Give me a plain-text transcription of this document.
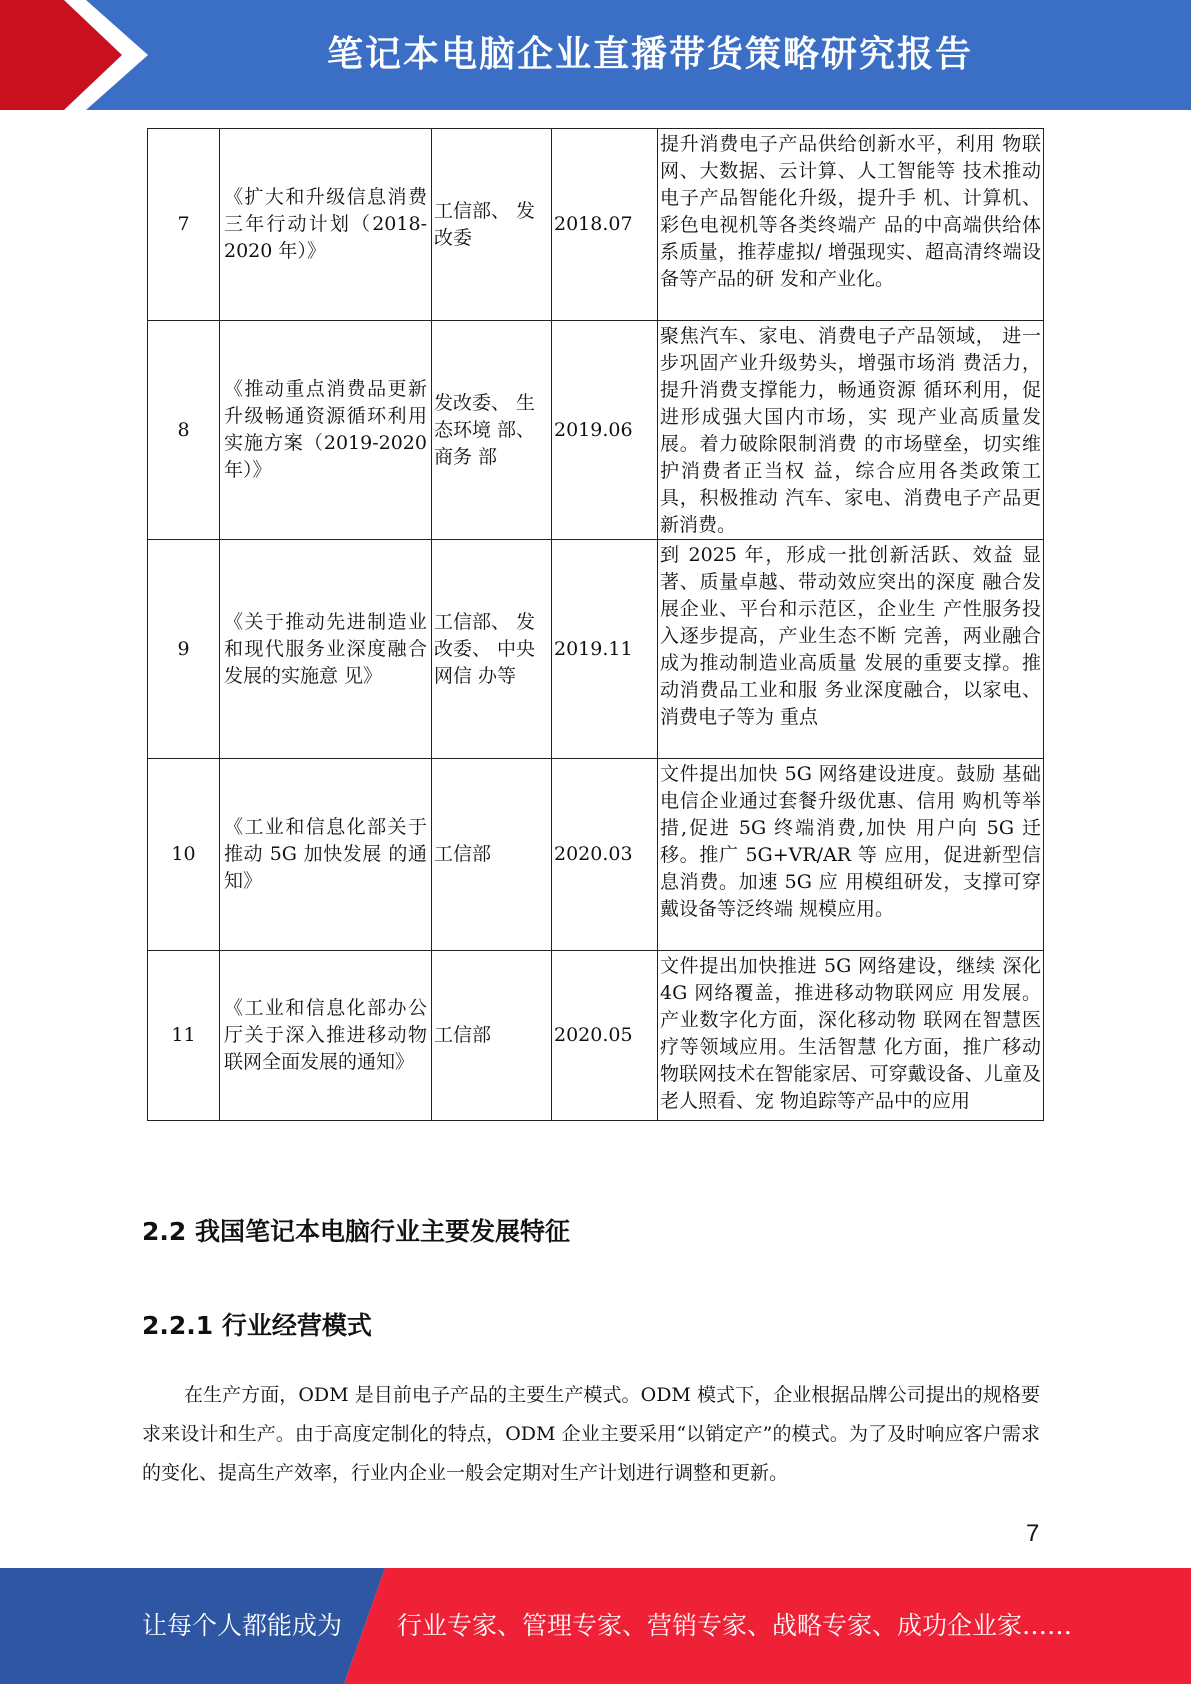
笔记本电脑企业直播带货策略研究报告
7	《扩大和升级信息消费三年行动计划（2018-2020 年）》	工信部、 发改委	2018.07	提升消费电子产品供给创新水平，利用 物联网、大数据、云计算、人工智能等 技术推动电子产品智能化升级，提升手 机、计算机、彩色电视机等各类终端产 品的中高端供给体系质量，推荐虚拟/ 增强现实、超高清终端设备等产品的研 发和产业化。

8	《推动重点消费品更新升级畅通资源循环利用实施方案（2019-2020 年）》	发改委、 生态环境 部、商务 部	2019.06	聚焦汽车、家电、消费电子产品领域， 进一步巩固产业升级势头，增强市场消 费活力，提升消费支撑能力，畅通资源 循环利用，促进形成强大国内市场，实 现产业高质量发展。着力破除限制消费 的市场壁垒，切实维护消费者正当权 益，综合应用各类政策工具，积极推动 汽车、家电、消费电子产品更新消费。

9	《关于推动先进制造业和现代服务业深度融合发展的实施意 见》	工信部、 发改委、 中央网信 办等	2019.11	到 2025 年，形成一批创新活跃、效益 显著、质量卓越、带动效应突出的深度 融合发展企业、平台和示范区，企业生 产性服务投入逐步提高，产业生态不断 完善，两业融合成为推动制造业高质量 发展的重要支撑。推动消费品工业和服 务业深度融合，以家电、消费电子等为 重点

10	《工业和信息化部关于推动 5G 加快发展 的通知》	工信部	2020.03	文件提出加快 5G 网络建设进度。鼓励 基础电信企业通过套餐升级优惠、信用 购机等举措,促进 5G 终端消费,加快 用户向 5G 迁移。推广 5G+VR/AR 等 应用，促进新型信息消费。加速 5G 应 用模组研发，支撑可穿戴设备等泛终端 规模应用。

11	《工业和信息化部办公厅关于深入推进移动物联网全面发展的通知》	工信部	2020.05	文件提出加快推进 5G 网络建设，继续 深化 4G 网络覆盖，推进移动物联网应 用发展。产业数字化方面，深化移动物 联网在智慧医疗等领域应用。生活智慧 化方面，推广移动物联网技术在智能家居、可穿戴设备、儿童及老人照看、宠 物追踪等产品中的应用
2.2 我国笔记本电脑行业主要发展特征
2.2.1 行业经营模式
在生产方面，ODM 是目前电子产品的主要生产模式。ODM 模式下，企业根据品牌公司提出的规格要求来设计和生产。由于高度定制化的特点，ODM 企业主要采用“以销定产”的模式。为了及时响应客户需求的变化、提高生产效率，行业内企业一般会定期对生产计划进行调整和更新。
7
让每个人都能成为 行业专家、管理专家、营销专家、战略专家、成功企业家……
